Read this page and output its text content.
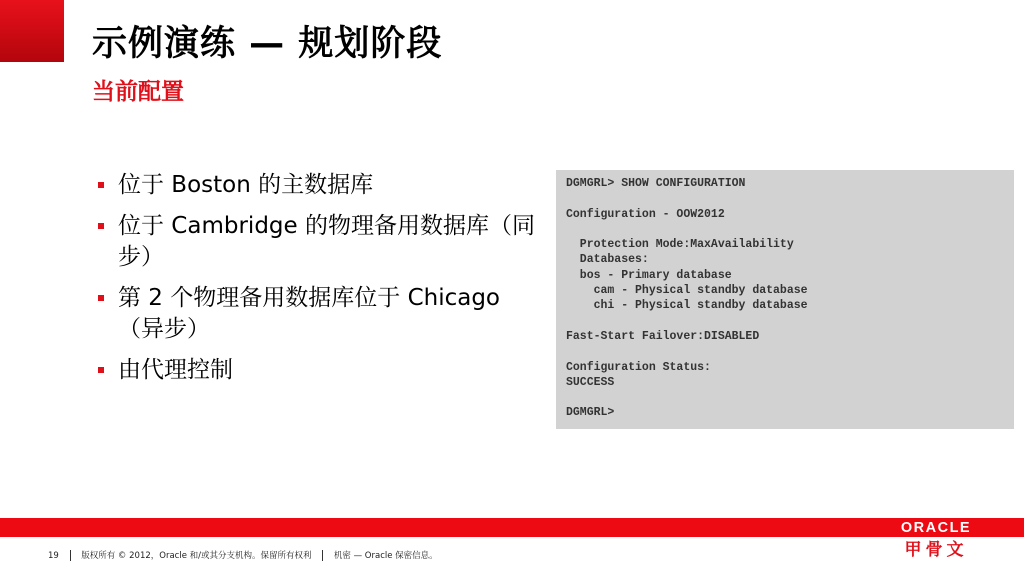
示例演练 — 规划阶段
当前配置
位于 Boston 的主数据库
位于 Cambridge 的物理备用数据库（同步）
第 2 个物理备用数据库位于 Chicago（异步）
由代理控制
DGMGRL> SHOW CONFIGURATION

Configuration - OOW2012

Protection Mode:MaxAvailability
Databases:
bos - Primary database
cam - Physical standby database
chi - Physical standby database

Fast-Start Failover:DISABLED

Configuration Status:
SUCCESS

DGMGRL>
ORACLE
甲骨文
19	版权所有 © 2012，Oracle 和/或其分支机构。保留所有权利	机密 — Oracle 保密信息。
